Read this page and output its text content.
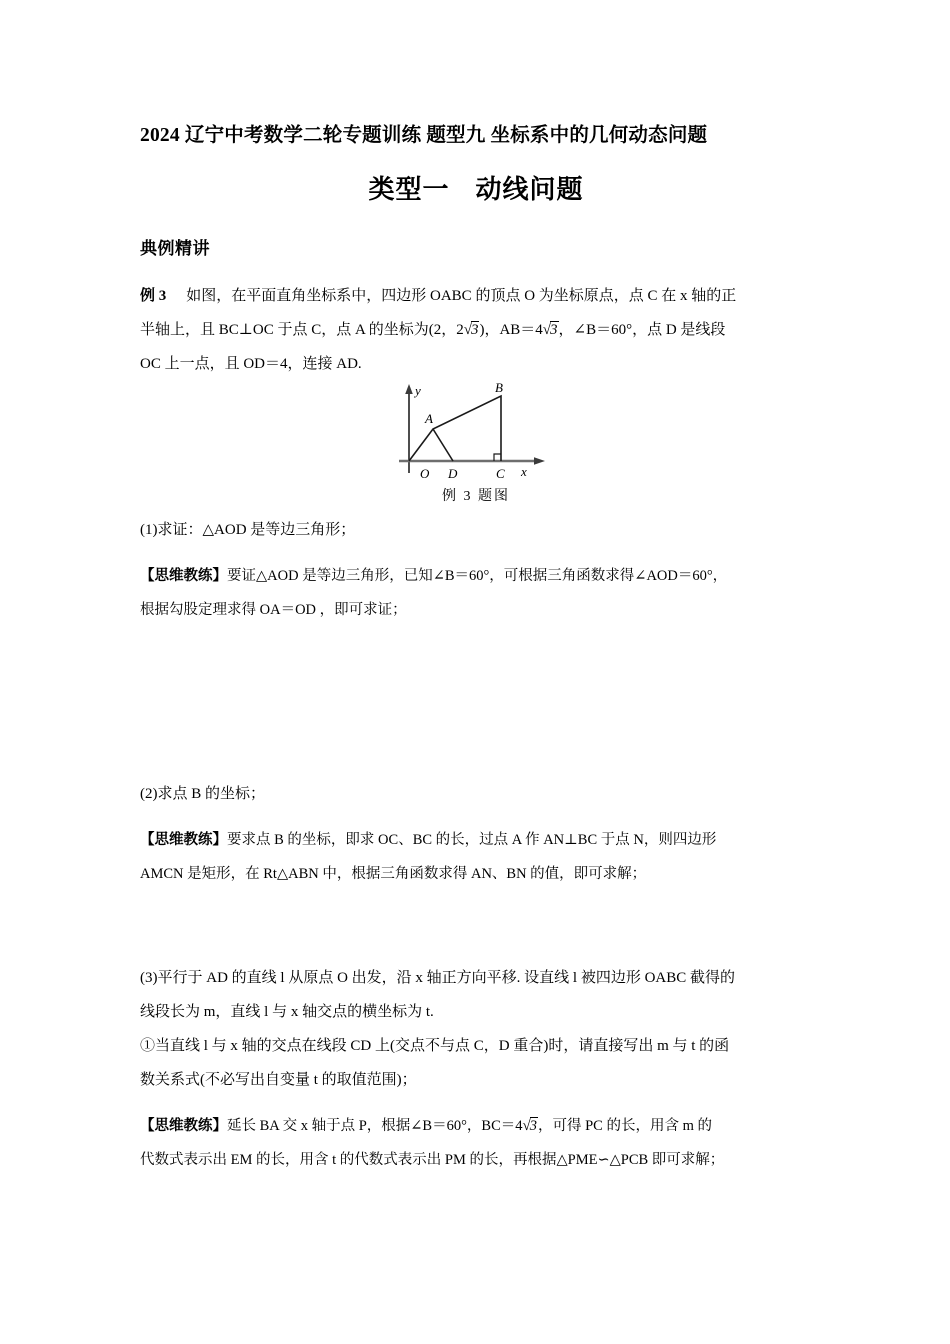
2024 辽宁中考数学二轮专题训练 题型九 坐标系中的几何动态问题
类型一 动线问题
典例精讲
例 3 如图，在平面直角坐标系中，四边形 OABC 的顶点 O 为坐标原点，点 C 在 x 轴的正
半轴上，且 BC⊥OC 于点 C，点 A 的坐标为(2，2√3)，AB＝4√3，∠B＝60°，点 D 是线段
OC 上一点，且 OD＝4，连接 AD.
O D	C
A
B
y
x
例 3 题图
(1)求证：△AOD 是等边三角形；
【思维教练】要证△AOD 是等边三角形，已知∠B＝60°，可根据三角函数求得∠AOD＝60°，
根据勾股定理求得 OA＝OD ，即可求证；
(2)求点 B 的坐标；
【思维教练】要求点 B 的坐标，即求 OC、BC 的长，过点 A 作 AN⊥BC 于点 N，则四边形
AMCN 是矩形，在 Rt△ABN 中，根据三角函数求得 AN、BN 的值，即可求解；
(3)平行于 AD 的直线 l 从原点 O 出发，沿 x 轴正方向平移. 设直线 l 被四边形 OABC 截得的
线段长为 m，直线 l 与 x 轴交点的横坐标为 t.
①当直线 l 与 x 轴的交点在线段 CD 上(交点不与点 C，D 重合)时，请直接写出 m 与 t 的函
数关系式(不必写出自变量 t 的取值范围)；
【思维教练】延长 BA 交 x 轴于点 P，根据∠B＝60°，BC＝4√3，可得 PC 的长，用含 m 的
代数式表示出 EM 的长，用含 t 的代数式表示出 PM 的长，再根据△PME∽△PCB 即可求解；
